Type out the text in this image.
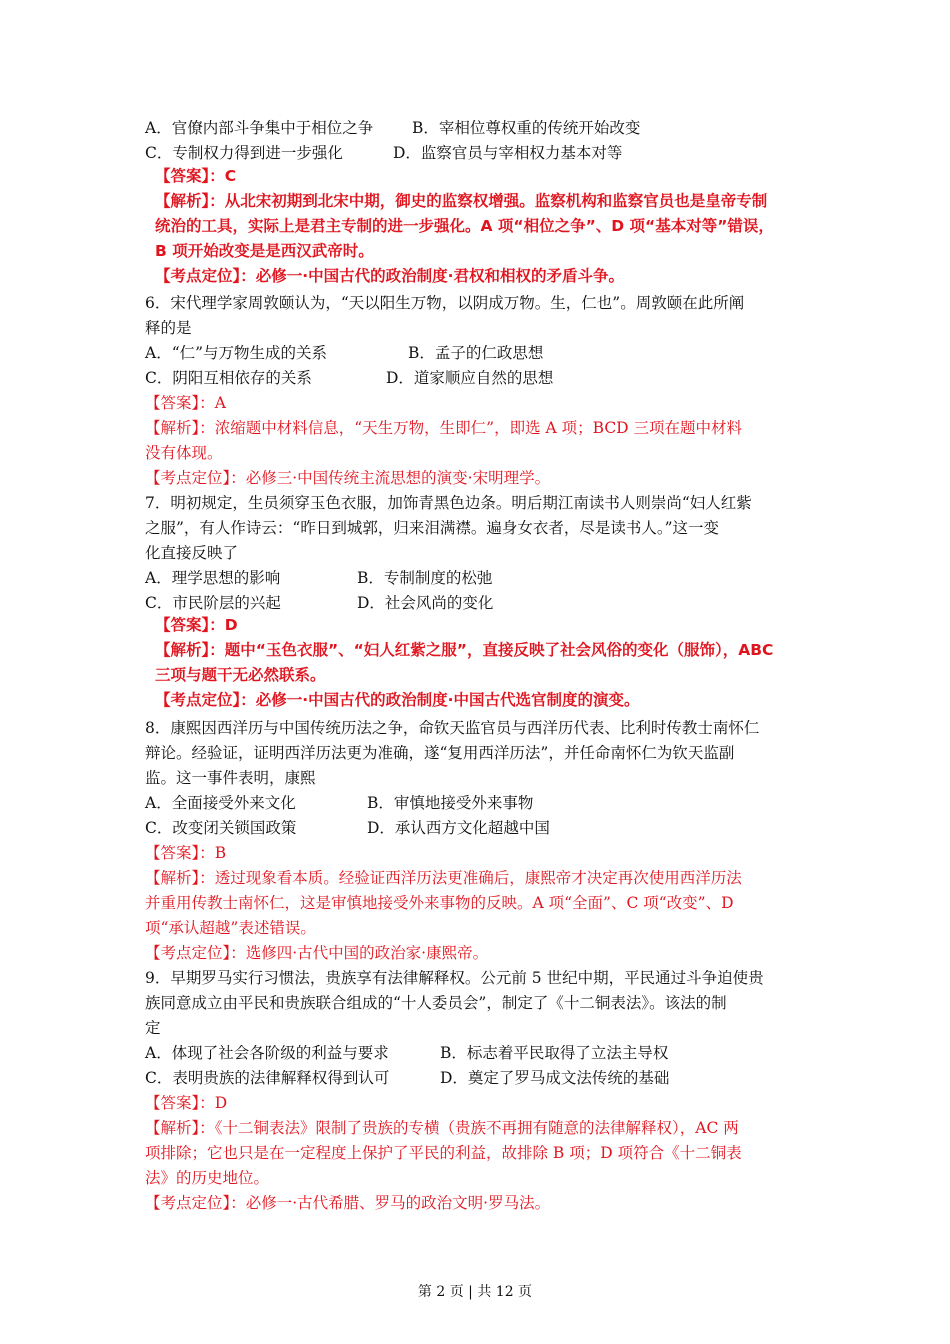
A．官僚内部斗争集中于相位之争	B．宰相位尊权重的传统开始改变
C．专制权力得到进一步强化	D．监察官员与宰相权力基本对等
【答案】：C
【解析】：从北宋初期到北宋中期，御史的监察权增强。监察机构和监察官员也是皇帝专制
统治的工具，实际上是君主专制的进一步强化。A 项“相位之争”、D 项“基本对等”错误，
B 项开始改变是是西汉武帝时。
【考点定位】：必修一·中国古代的政治制度·君权和相权的矛盾斗争。
6．宋代理学家周敦颐认为，“天以阳生万物，以阴成万物。生，仁也”。周敦颐在此所阐
释的是
A．“仁”与万物生成的关系	B．孟子的仁政思想
C．阴阳互相依存的关系	D．道家顺应自然的思想
【答案】：A
【解析】：浓缩题中材料信息，“天生万物，生即仁”，即选 A 项；BCD 三项在题中材料
没有体现。
【考点定位】：必修三·中国传统主流思想的演变·宋明理学。
7．明初规定，生员须穿玉色衣服，加饰青黑色边条。明后期江南读书人则崇尚“妇人红紫
之服”，有人作诗云：“昨日到城郭，归来泪满襟。遍身女衣者，尽是读书人。”这一变
化直接反映了
A．理学思想的影响	B．专制制度的松弛
C．市民阶层的兴起	D．社会风尚的变化
【答案】：D
【解析】：题中“玉色衣服”、“妇人红紫之服”，直接反映了社会风俗的变化（服饰），ABC
三项与题干无必然联系。
【考点定位】：必修一·中国古代的政治制度·中国古代选官制度的演变。
8．康熙因西洋历与中国传统历法之争，命钦天监官员与西洋历代表、比利时传教士南怀仁
辩论。经验证，证明西洋历法更为准确，遂“复用西洋历法”，并任命南怀仁为钦天监副
监。这一事件表明，康熙
A．全面接受外来文化	B．审慎地接受外来事物
C．改变闭关锁国政策	D．承认西方文化超越中国
【答案】：B
【解析】：透过现象看本质。经验证西洋历法更准确后，康熙帝才决定再次使用西洋历法
并重用传教士南怀仁，这是审慎地接受外来事物的反映。A 项“全面”、C 项“改变”、D
项“承认超越”表述错误。
【考点定位】：选修四·古代中国的政治家·康熙帝。
9．早期罗马实行习惯法，贵族享有法律解释权。公元前 5 世纪中期，平民通过斗争迫使贵
族同意成立由平民和贵族联合组成的“十人委员会”，制定了《十二铜表法》。该法的制
定
A．体现了社会各阶级的利益与要求	B．标志着平民取得了立法主导权
C．表明贵族的法律解释权得到认可	D．奠定了罗马成文法传统的基础
【答案】：D
【解析】：《十二铜表法》限制了贵族的专横（贵族不再拥有随意的法律解释权），AC 两
项排除；它也只是在一定程度上保护了平民的利益，故排除 B 项；D 项符合《十二铜表
法》的历史地位。
【考点定位】：必修一·古代希腊、罗马的政治文明·罗马法。
第 2 页 | 共 12 页
